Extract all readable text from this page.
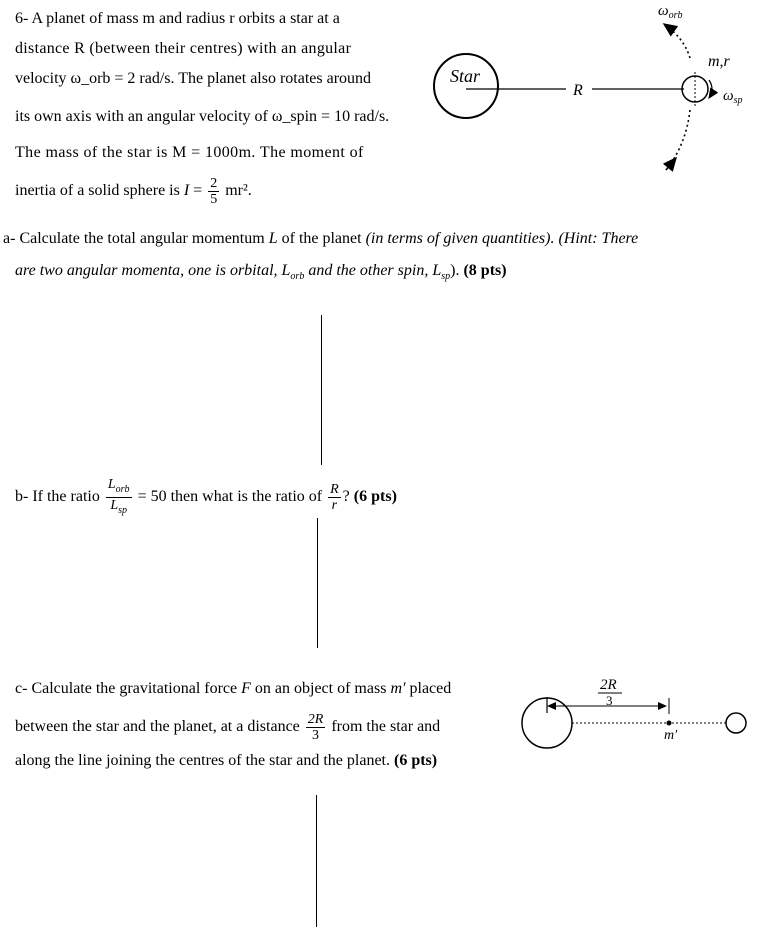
6- A planet of mass m and radius r orbits a star at a
distance R (between their centres) with an angular
velocity ω_orb = 2 rad/s. The planet also rotates around
its own axis with an angular velocity of ω_spin = 10 rad/s.
The mass of the star is M = 1000m. The moment of
inertia of a solid sphere is $I = \frac{2}{5} mr^2$.
Star
R
$\omega_{orb}$
m,r
$\omega_{sp}$
a- Calculate the total angular momentum L of the planet (in terms of given quantities). (Hint: There
are two angular momenta, one is orbital, $L_{orb}$ and the other spin, $L_{sp}$). (8 pts)
b- If the ratio $\frac{L_{orb}}{L_{sp}} = 50$ then what is the ratio of $\frac{R}{r}$ ? (6 pts)
c- Calculate the gravitational force F on an object of mass m′ placed
between the star and the planet, at a distance $\frac{2R}{3}$ from the star and
along the line joining the centres of the star and the planet. (6 pts)
2R
3
m′
